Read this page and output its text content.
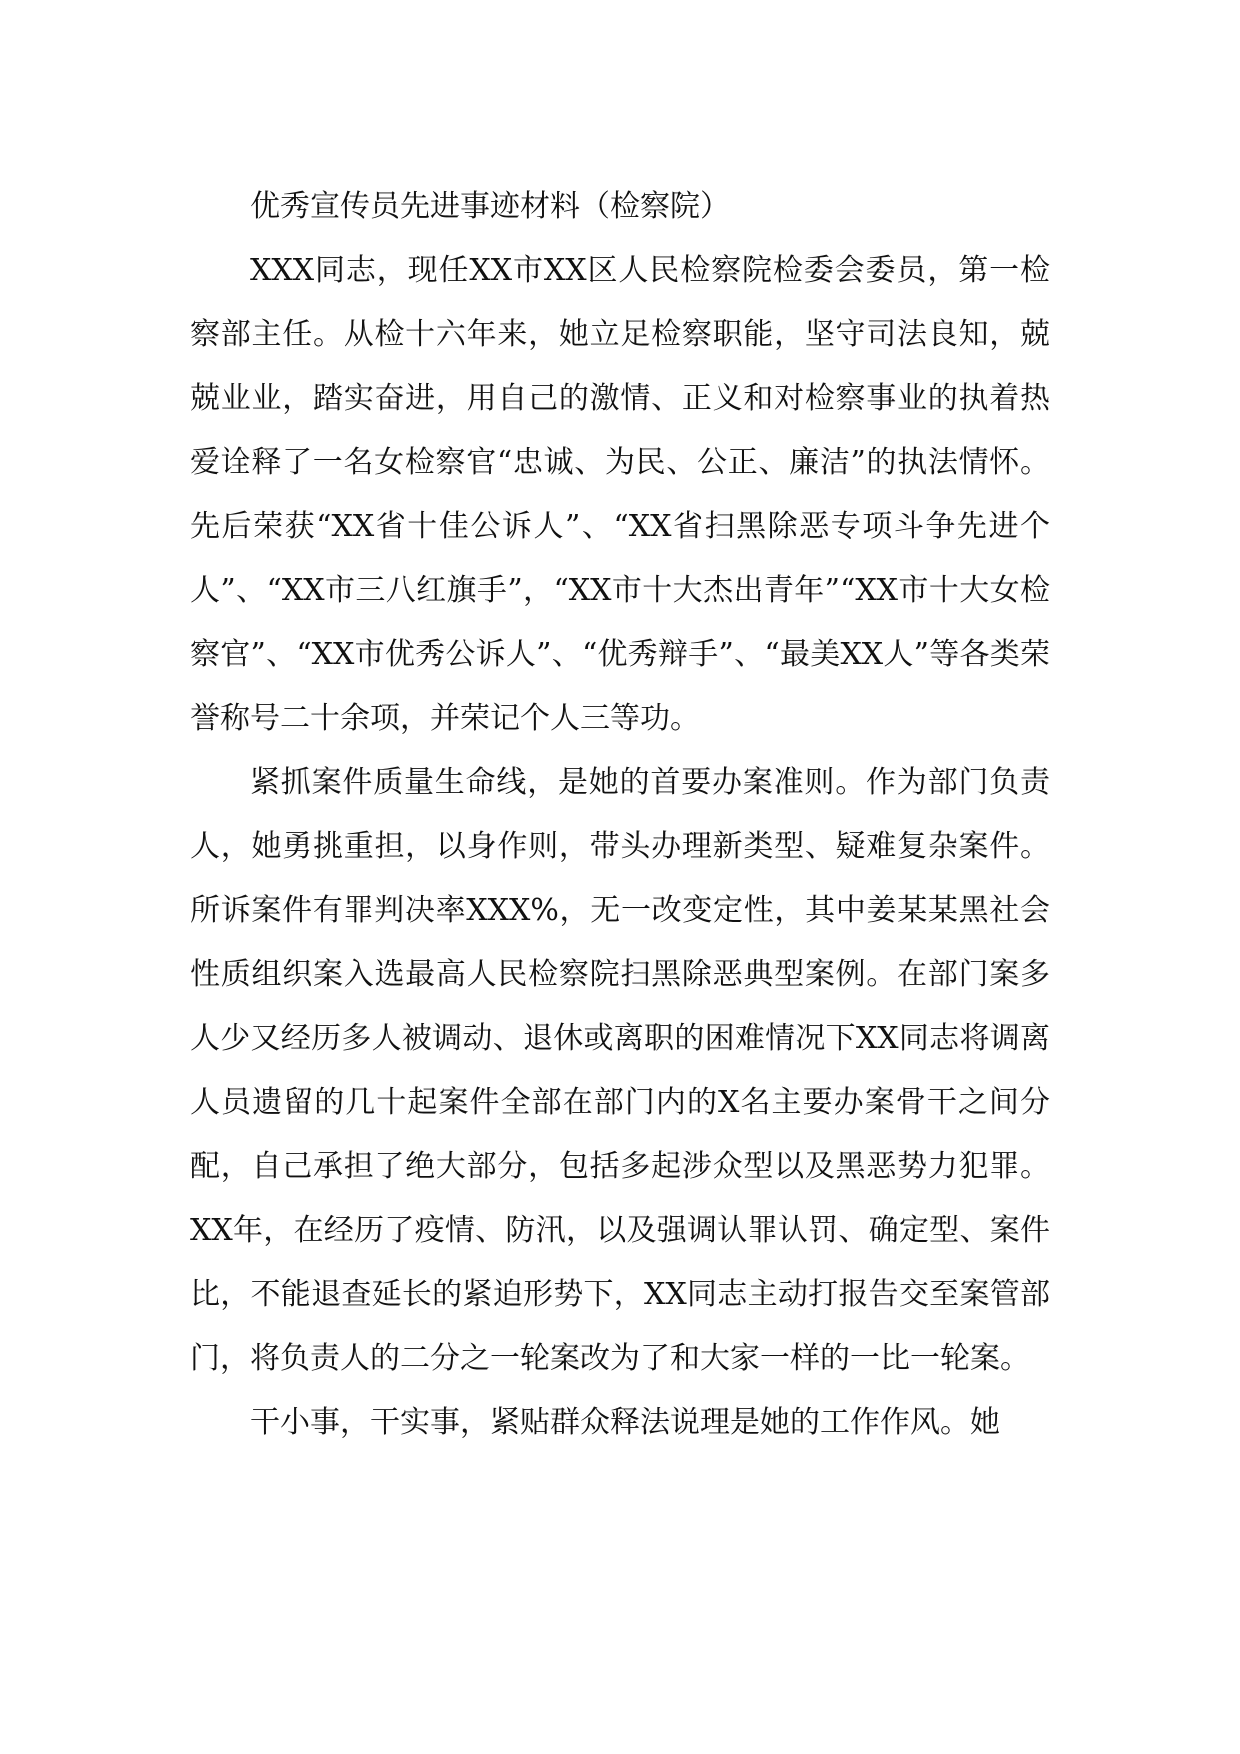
优秀宣传员先进事迹材料（检察院）

XXX同志，现任XX市XX区人民检察院检委会委员，第一检察部主任。从检十六年来，她立足检察职能，坚守司法良知，兢兢业业，踏实奋进，用自己的激情、正义和对检察事业的执着热爱诠释了一名女检察官“忠诚、为民、公正、廉洁”的执法情怀。先后荣获“XX省十佳公诉人”、“XX省扫黑除恶专项斗争先进个人”、“XX市三八红旗手”，“XX市十大杰出青年”“XX市十大女检察官”、“XX市优秀公诉人”、“优秀辩手”、“最美XX人”等各类荣誉称号二十余项，并荣记个人三等功。

紧抓案件质量生命线，是她的首要办案准则。作为部门负责人，她勇挑重担，以身作则，带头办理新类型、疑难复杂案件。所诉案件有罪判决率XXX%，无一改变定性，其中姜某某黑社会性质组织案入选最高人民检察院扫黑除恶典型案例。在部门案多人少又经历多人被调动、退休或离职的困难情况下XX同志将调离人员遗留的几十起案件全部在部门内的X名主要办案骨干之间分配，自己承担了绝大部分，包括多起涉众型以及黑恶势力犯罪。XX年，在经历了疫情、防汛，以及强调认罪认罚、确定型、案件比，不能退查延长的紧迫形势下，XX同志主动打报告交至案管部门，将负责人的二分之一轮案改为了和大家一样的一比一轮案。

干小事，干实事，紧贴群众释法说理是她的工作作风。她
